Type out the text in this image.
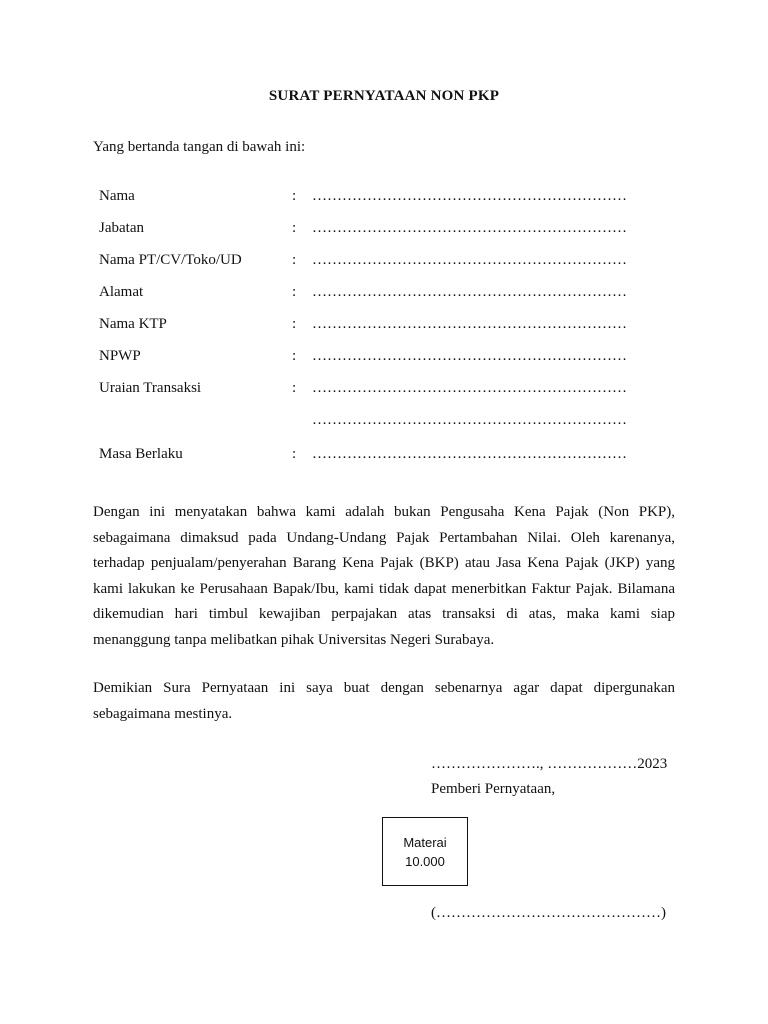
SURAT PERNYATAAN NON PKP
Yang bertanda tangan di bawah ini:
Nama	: ………………………………………………………
Jabatan	: ………………………………………………………
Nama PT/CV/Toko/UD	: ………………………………………………………
Alamat	: ………………………………………………………
Nama KTP	: ………………………………………………………
NPWP	: ………………………………………………………
Uraian Transaksi	: ………………………………………………………
………………………………………………………
Masa Berlaku	: ………………………………………………………
Dengan ini menyatakan bahwa kami adalah bukan Pengusaha Kena Pajak (Non PKP), sebagaimana dimaksud pada Undang-Undang Pajak Pertambahan Nilai. Oleh karenanya, terhadap penjualam/penyerahan Barang Kena Pajak (BKP) atau Jasa Kena Pajak (JKP) yang kami lakukan ke Perusahaan Bapak/Ibu, kami tidak dapat menerbitkan Faktur Pajak. Bilamana dikemudian hari timbul kewajiban perpajakan atas transaksi di atas, maka kami siap menanggung tanpa melibatkan pihak Universitas Negeri Surabaya.
Demikian Sura Pernyataan ini saya buat dengan sebenarnya agar dapat dipergunakan sebagaimana mestinya.
…………………., ………………2023
Pemberi Pernyataan,
Materai
10.000
(………………………………………)
